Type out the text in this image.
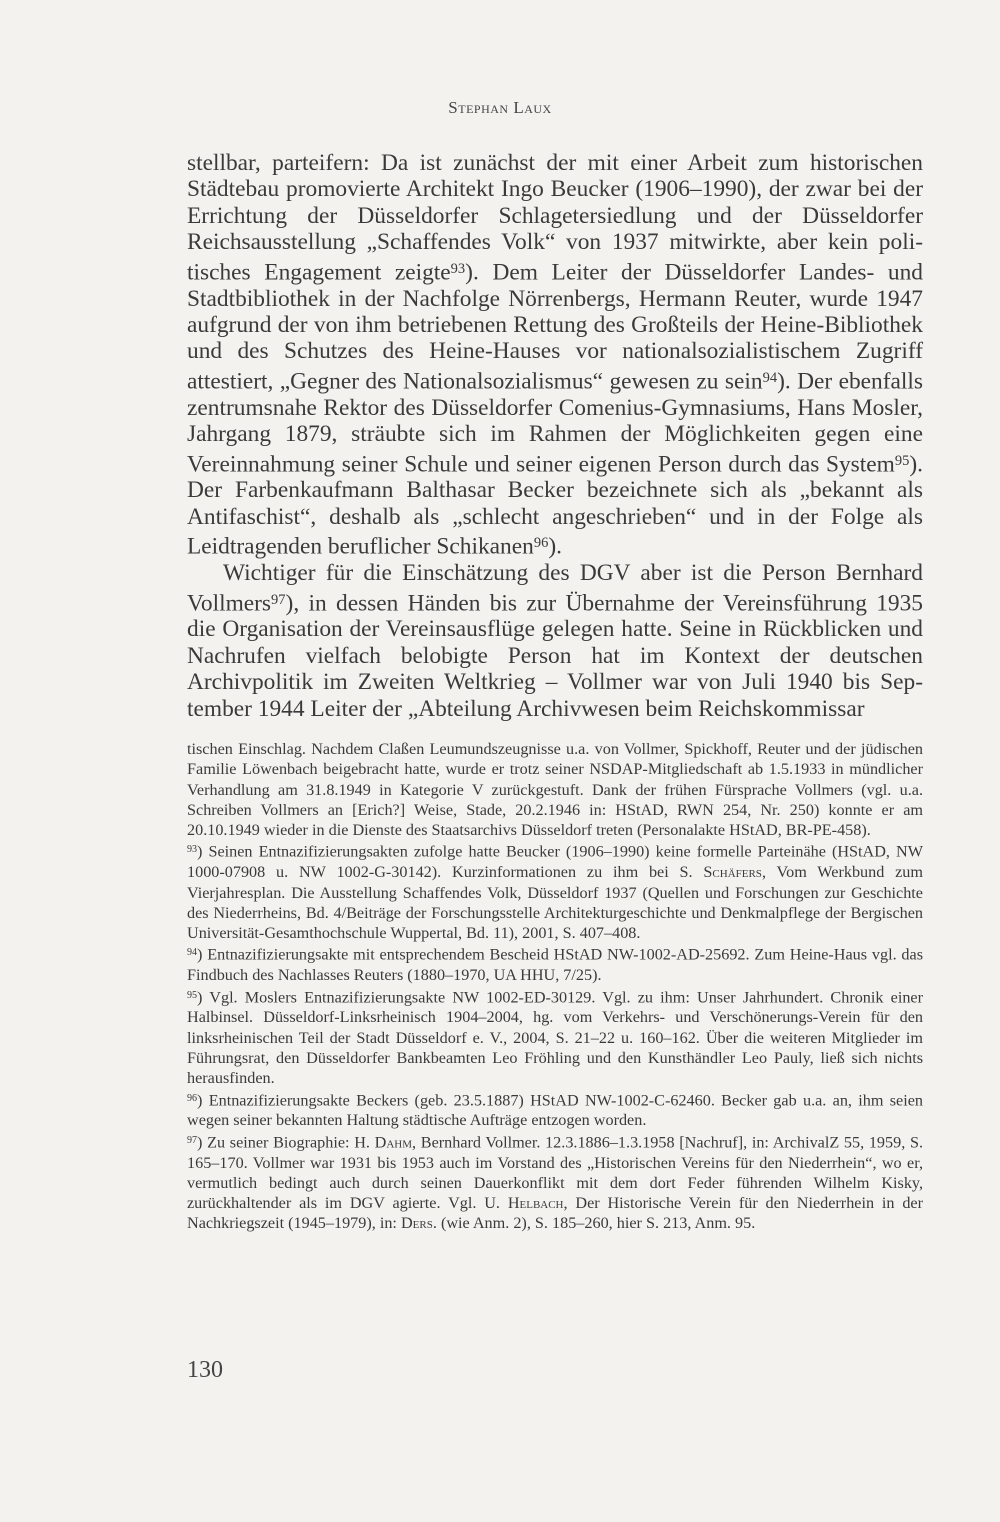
Stephan Laux

stellbar, parteifern: Da ist zunächst der mit einer Arbeit zum historischen Städtebau promovierte Architekt Ingo Beucker (1906–1990), der zwar bei der Errichtung der Düsseldorfer Schlagetersiedlung und der Düsseldorfer Reichsausstellung „Schaffendes Volk“ von 1937 mitwirkte, aber kein politisches Engagement zeigte$^{93}$). Dem Leiter der Düsseldorfer Landes- und Stadtbibliothek in der Nachfolge Nörrenbergs, Hermann Reuter, wurde 1947 aufgrund der von ihm betriebenen Rettung des Großteils der Heine-Bibliothek und des Schutzes des Heine-Hauses vor nationalsozialistischem Zugriff attestiert, „Gegner des Nationalsozialismus“ gewesen zu sein$^{94}$). Der ebenfalls zentrumsnahe Rektor des Düsseldorfer Comenius-Gymnasiums, Hans Mosler, Jahrgang 1879, sträubte sich im Rahmen der Möglichkeiten gegen eine Vereinnahmung seiner Schule und seiner eigenen Person durch das System$^{95}$). Der Farbenkaufmann Balthasar Becker bezeichnete sich als „bekannt als Antifaschist“, deshalb als „schlecht angeschrieben“ und in der Folge als Leidtragenden beruflicher Schikanen$^{96}$).

Wichtiger für die Einschätzung des DGV aber ist die Person Bernhard Vollmers$^{97}$), in dessen Händen bis zur Übernahme der Vereinsführung 1935 die Organisation der Vereinsausflüge gelegen hatte. Seine in Rückblicken und Nachrufen vielfach belobigte Person hat im Kontext der deutschen Archivpolitik im Zweiten Weltkrieg – Vollmer war von Juli 1940 bis September 1944 Leiter der „Abteilung Archivwesen beim Reichskommissar

tischen Einschlag. Nachdem Claßen Leumundszeugnisse u.a. von Vollmer, Spickhoff, Reuter und der jüdischen Familie Löwenbach beigebracht hatte, wurde er trotz seiner NSDAP-Mitgliedschaft ab 1.5.1933 in mündlicher Verhandlung am 31.8.1949 in Kategorie V zurückgestuft. Dank der frühen Fürsprache Vollmers (vgl. u.a. Schreiben Vollmers an [Erich?] Weise, Stade, 20.2.1946 in: HStAD, RWN 254, Nr. 250) konnte er am 20.10.1949 wieder in die Dienste des Staatsarchivs Düsseldorf treten (Personalakte HStAD, BR-PE-458).

$^{93}$) Seinen Entnazifizierungsakten zufolge hatte Beucker (1906–1990) keine formelle Parteinähe (HStAD, NW 1000-07908 u. NW 1002-G-30142). Kurzinformationen zu ihm bei S. Schäfers, Vom Werkbund zum Vierjahresplan. Die Ausstellung Schaffendes Volk, Düsseldorf 1937 (Quellen und Forschungen zur Geschichte des Niederrheins, Bd. 4/Beiträge der Forschungsstelle Architekturgeschichte und Denkmalpflege der Bergischen Universität-Gesamthochschule Wuppertal, Bd. 11), 2001, S. 407–408.

$^{94}$) Entnazifizierungsakte mit entsprechendem Bescheid HStAD NW-1002-AD-25692. Zum Heine-Haus vgl. das Findbuch des Nachlasses Reuters (1880–1970, UA HHU, 7/25).

$^{95}$) Vgl. Moslers Entnazifizierungsakte NW 1002-ED-30129. Vgl. zu ihm: Unser Jahrhundert. Chronik einer Halbinsel. Düsseldorf-Linksrheinisch 1904–2004, hg. vom Verkehrs- und Verschönerungs-Verein für den linksrheinischen Teil der Stadt Düsseldorf e. V., 2004, S. 21–22 u. 160–162. Über die weiteren Mitglieder im Führungsrat, den Düsseldorfer Bankbeamten Leo Fröhling und den Kunsthändler Leo Pauly, ließ sich nichts herausfinden.

$^{96}$) Entnazifizierungsakte Beckers (geb. 23.5.1887) HStAD NW-1002-C-62460. Becker gab u.a. an, ihm seien wegen seiner bekannten Haltung städtische Aufträge entzogen worden.

$^{97}$) Zu seiner Biographie: H. Dahm, Bernhard Vollmer. 12.3.1886–1.3.1958 [Nachruf], in: ArchivalZ 55, 1959, S. 165–170. Vollmer war 1931 bis 1953 auch im Vorstand des „Historischen Vereins für den Niederrhein“, wo er, vermutlich bedingt auch durch seinen Dauerkonflikt mit dem dort Feder führenden Wilhelm Kisky, zurückhaltender als im DGV agierte. Vgl. U. Helbach, Der Historische Verein für den Niederrhein in der Nachkriegszeit (1945–1979), in: Ders. (wie Anm. 2), S. 185–260, hier S. 213, Anm. 95.

130
